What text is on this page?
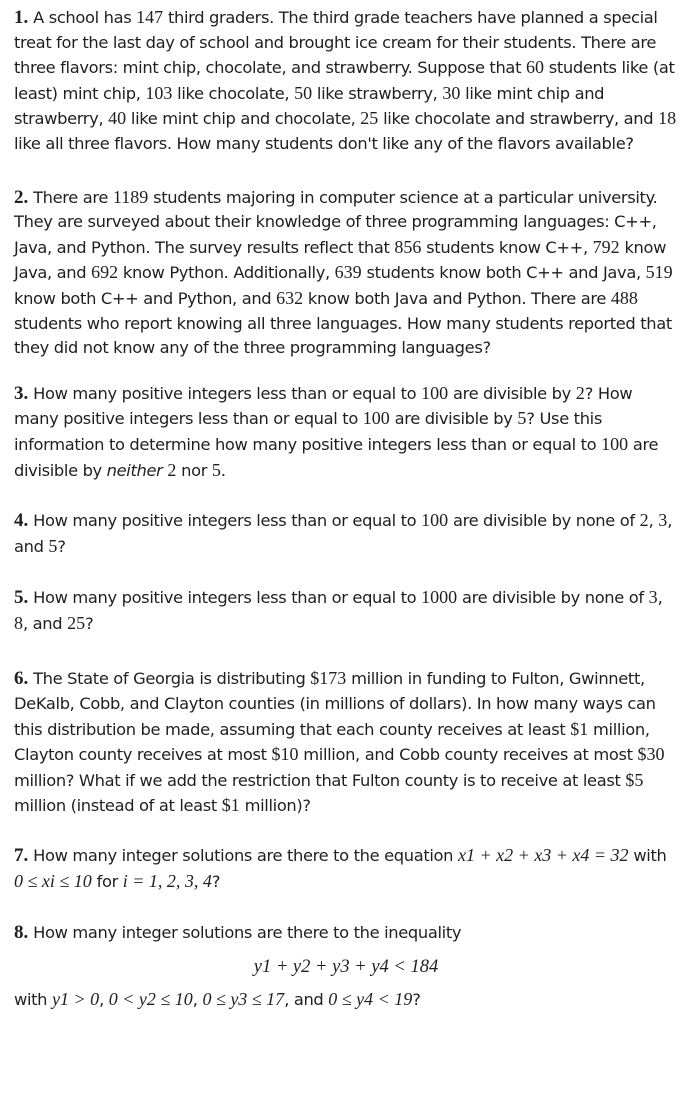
1. A school has 147 third graders. The third grade teachers have planned a special treat for the last day of school and brought ice cream for their students. There are three flavors: mint chip, chocolate, and strawberry. Suppose that 60 students like (at least) mint chip, 103 like chocolate, 50 like strawberry, 30 like mint chip and strawberry, 40 like mint chip and chocolate, 25 like chocolate and strawberry, and 18 like all three flavors. How many students don't like any of the flavors available?
2. There are 1189 students majoring in computer science at a particular university. They are surveyed about their knowledge of three programming languages: C++, Java, and Python. The survey results reflect that 856 students know C++, 792 know Java, and 692 know Python. Additionally, 639 students know both C++ and Java, 519 know both C++ and Python, and 632 know both Java and Python. There are 488 students who report knowing all three languages. How many students reported that they did not know any of the three programming languages?
3. How many positive integers less than or equal to 100 are divisible by 2? How many positive integers less than or equal to 100 are divisible by 5? Use this information to determine how many positive integers less than or equal to 100 are divisible by neither 2 nor 5.
4. How many positive integers less than or equal to 100 are divisible by none of 2, 3, and 5?
5. How many positive integers less than or equal to 1000 are divisible by none of 3, 8, and 25?
6. The State of Georgia is distributing $173 million in funding to Fulton, Gwinnett, DeKalb, Cobb, and Clayton counties (in millions of dollars). In how many ways can this distribution be made, assuming that each county receives at least $1 million, Clayton county receives at most $10 million, and Cobb county receives at most $30 million? What if we add the restriction that Fulton county is to receive at least $5 million (instead of at least $1 million)?
7. How many integer solutions are there to the equation x1 + x2 + x3 + x4 = 32 with 0 ≤ xi ≤ 10 for i = 1, 2, 3, 4?
8. How many integer solutions are there to the inequality
y1 + y2 + y3 + y4 < 184
with y1 > 0, 0 < y2 ≤ 10, 0 ≤ y3 ≤ 17, and 0 ≤ y4 < 19?
